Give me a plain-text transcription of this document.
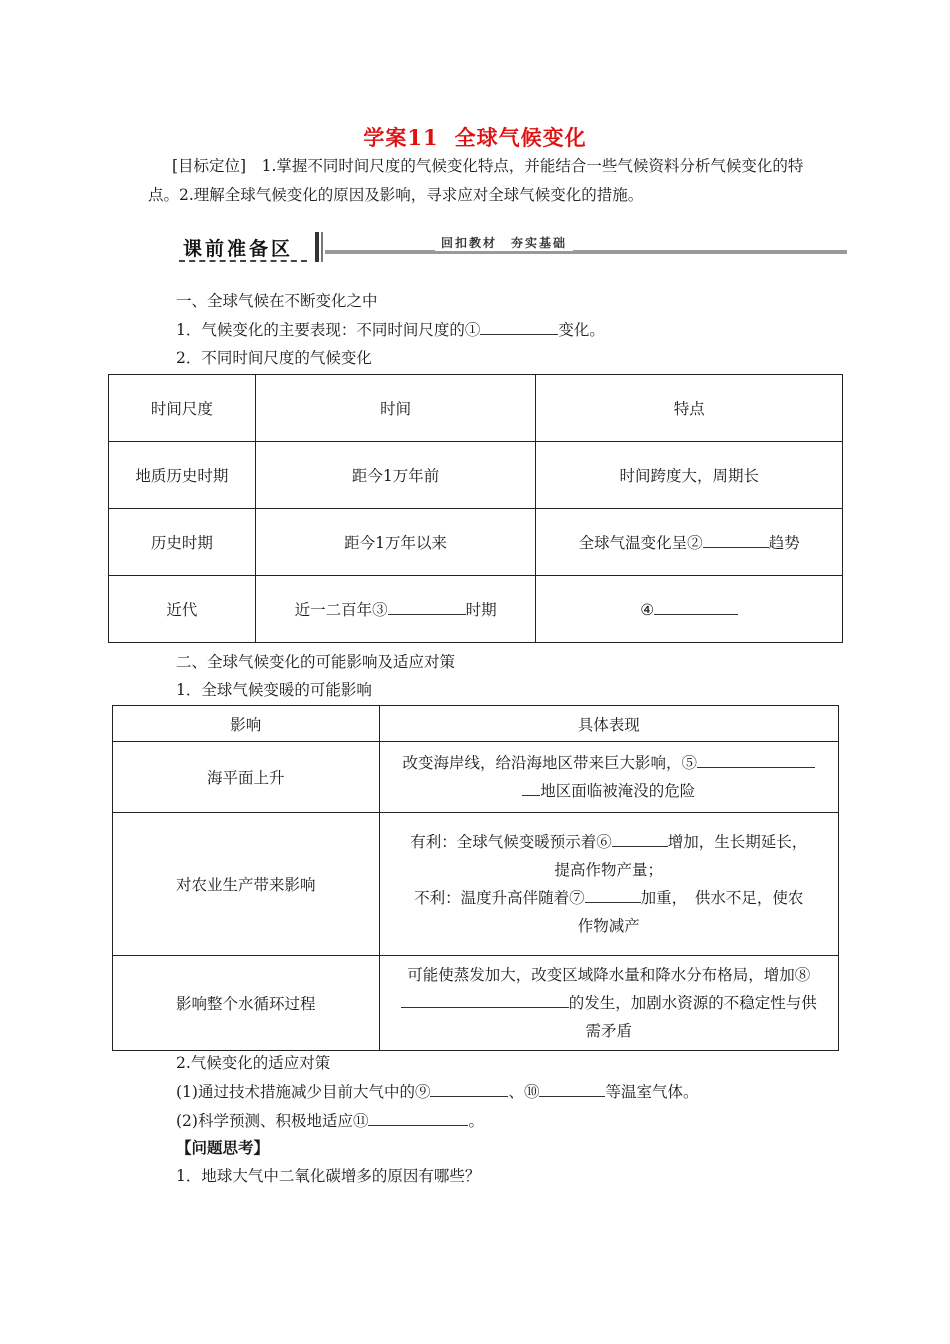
学案11 全球气候变化
[目标定位]　1.掌握不同时间尺度的气候变化特点，并能结合一些气候资料分析气候变化的特点。2.理解全球气候变化的原因及影响，寻求应对全球气候变化的措施。
课前准备区	回扣教材　夯实基础
一、全球气候在不断变化之中
1．气候变化的主要表现：不同时间尺度的①	变化。
2．不同时间尺度的气候变化
时间尺度	时间	特点
地质历史时期	距今1万年前	时间跨度大，周期长
历史时期	距今1万年以来	全球气温变化呈② 趋势
近代	近一二百年③ 时期	④
二、全球气候变化的可能影响及适应对策
1．全球气候变暖的可能影响
影响	具体表现
海平面上升	改变海岸线，给沿海地区带来巨大影响，⑤
地区面临被淹没的危险

对农业生产带来影响	有利：全球气候变暖预示着⑥ 增加，生长期延长，
提高作物产量；
不利：温度升高伴随着⑦ 加重，　供水不足，使农
作物减产

影响整个水循环过程	可能使蒸发加大，改变区域降水量和降水分布格局，增加⑧
的发生，加剧水资源的不稳定性与供
需矛盾
2.气候变化的适应对策
(1)通过技术措施减少目前大气中的⑨	、⑩	等温室气体。
(2)科学预测、积极地适应⑪	。
【问题思考】
1．地球大气中二氧化碳增多的原因有哪些？
